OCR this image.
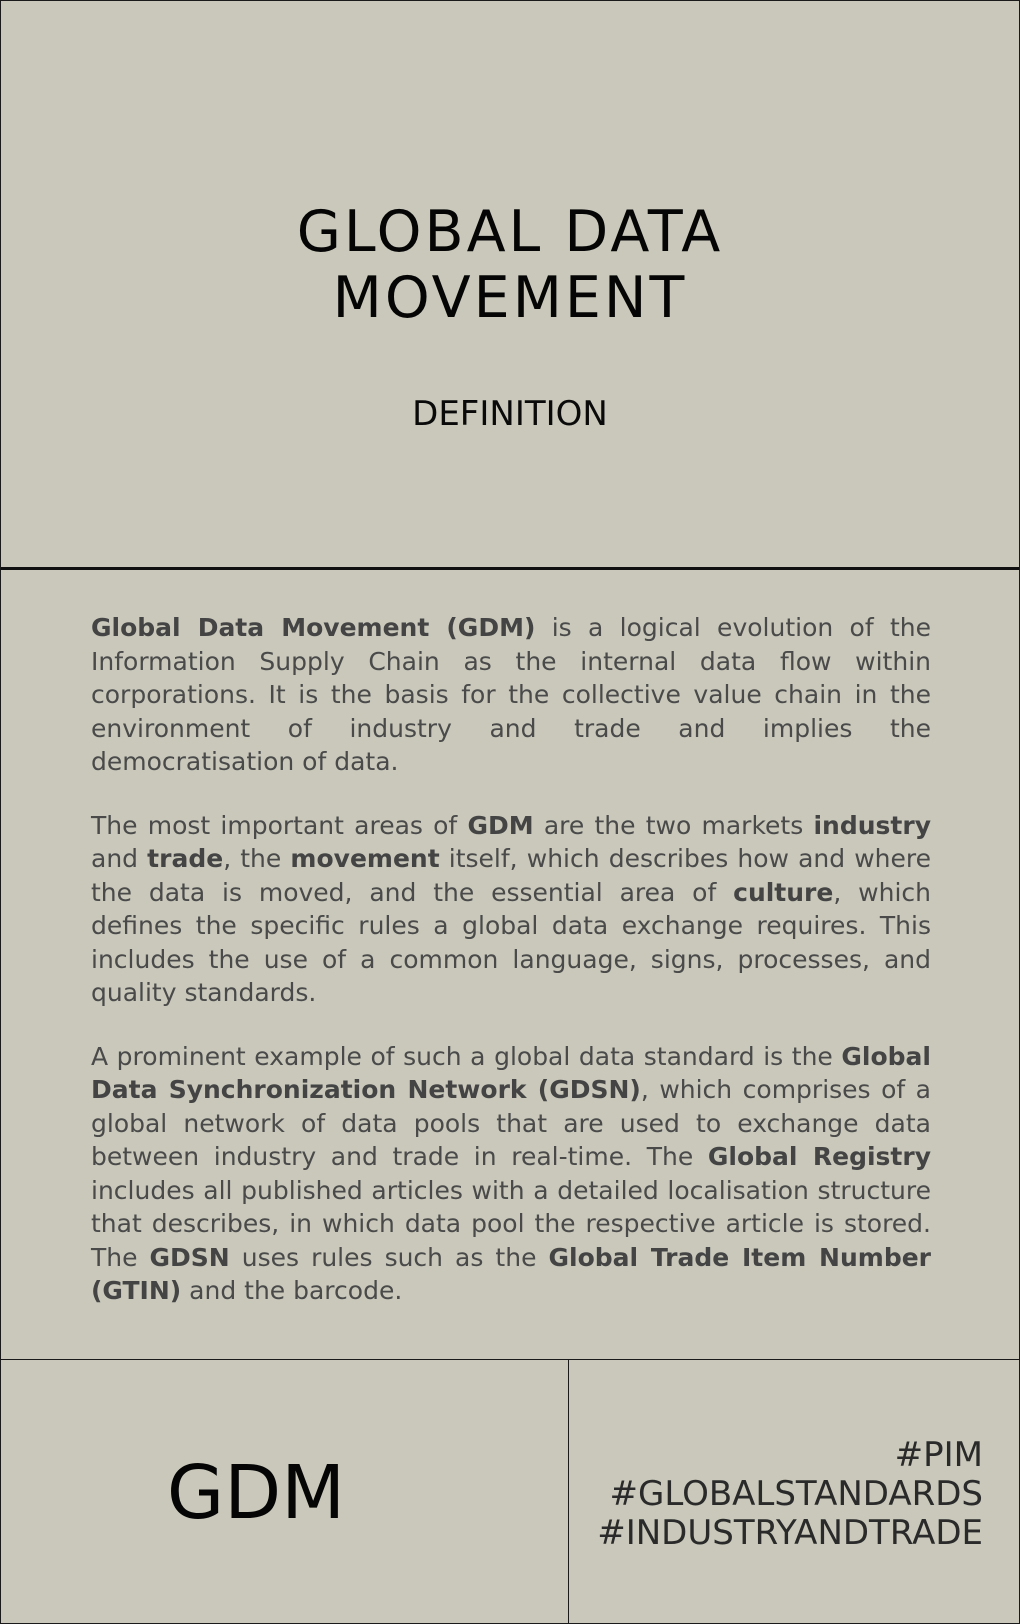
GLOBAL DATA
MOVEMENT
DEFINITION

Global Data Movement (GDM) is a logical evolution of the Information Supply Chain as the internal data flow within corporations. It is the basis for the collective value chain in the environment of industry and trade and implies the democratisation of data.

The most important areas of GDM are the two markets industry and trade, the movement itself, which describes how and where the data is moved, and the essential area of culture, which defines the specific rules a global data exchange requires. This includes the use of a common language, signs, processes, and quality standards.

A prominent example of such a global data standard is the Global Data Synchronization Network (GDSN), which comprises of a global network of data pools that are used to exchange data between industry and trade in real-time. The Global Registry includes all published articles with a detailed localisation structure that describes, in which data pool the respective article is stored. The GDSN uses rules such as the Global Trade Item Number (GTIN) and the barcode.

GDM	#PIM
#GLOBALSTANDARDS
#INDUSTRYANDTRADE
